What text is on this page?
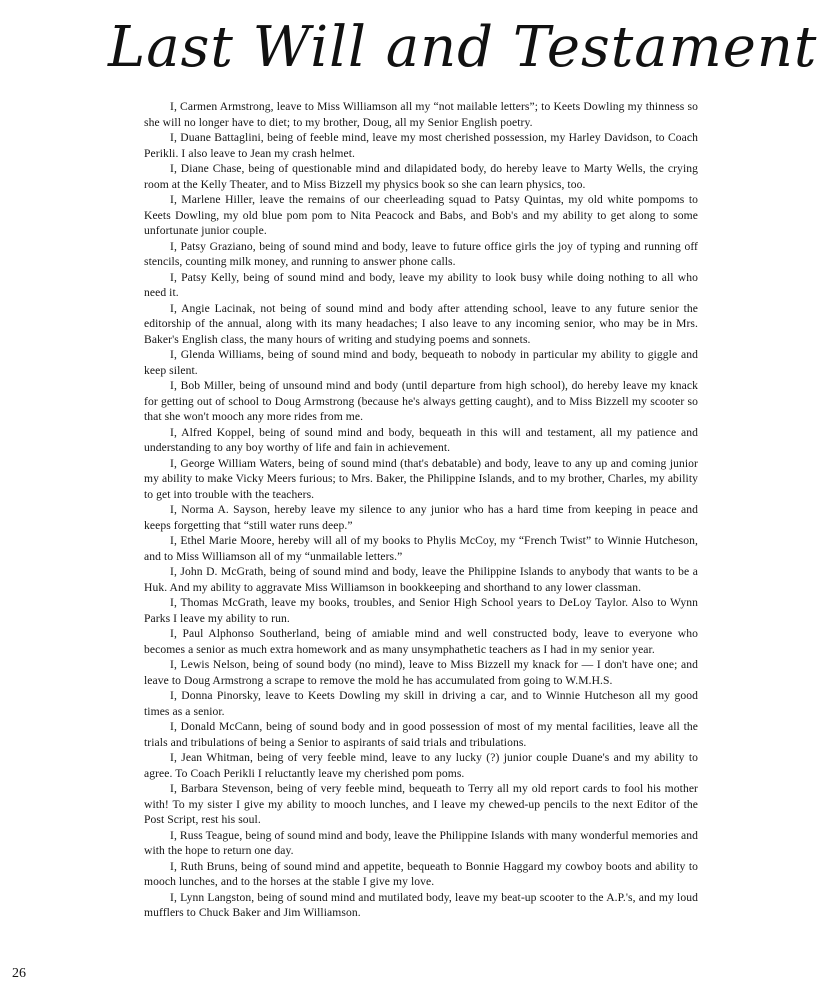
Last Will and Testament

I, Carmen Armstrong, leave to Miss Williamson all my “not mailable letters”; to Keets Dowling my thinness so she will no longer have to diet; to my brother, Doug, all my Senior English poetry.

I, Duane Battaglini, being of feeble mind, leave my most cherished possession, my Harley Davidson, to Coach Perikli. I also leave to Jean my crash helmet.

I, Diane Chase, being of questionable mind and dilapidated body, do hereby leave to Marty Wells, the crying room at the Kelly Theater, and to Miss Bizzell my physics book so she can learn physics, too.

I, Marlene Hiller, leave the remains of our cheerleading squad to Patsy Quintas, my old white pompoms to Keets Dowling, my old blue pom pom to Nita Peacock and Babs, and Bob's and my ability to get along to some unfortunate junior couple.

I, Patsy Graziano, being of sound mind and body, leave to future office girls the joy of typing and running off stencils, counting milk money, and running to answer phone calls.

I, Patsy Kelly, being of sound mind and body, leave my ability to look busy while doing nothing to all who need it.

I, Angie Lacinak, not being of sound mind and body after attending school, leave to any future senior the editorship of the annual, along with its many headaches; I also leave to any incoming senior, who may be in Mrs. Baker's English class, the many hours of writing and studying poems and sonnets.

I, Glenda Williams, being of sound mind and body, bequeath to nobody in particular my ability to giggle and keep silent.

I, Bob Miller, being of unsound mind and body (until departure from high school), do hereby leave my knack for getting out of school to Doug Armstrong (because he's always getting caught), and to Miss Bizzell my scooter so that she won't mooch any more rides from me.

I, Alfred Koppel, being of sound mind and body, bequeath in this will and testament, all my patience and understanding to any boy worthy of life and fain in achievement.

I, George William Waters, being of sound mind (that's debatable) and body, leave to any up and coming junior my ability to make Vicky Meers furious; to Mrs. Baker, the Philippine Islands, and to my brother, Charles, my ability to get into trouble with the teachers.

I, Norma A. Sayson, hereby leave my silence to any junior who has a hard time from keeping in peace and keeps forgetting that “still water runs deep.”

I, Ethel Marie Moore, hereby will all of my books to Phylis McCoy, my “French Twist” to Winnie Hutcheson, and to Miss Williamson all of my “unmailable letters.”

I, John D. McGrath, being of sound mind and body, leave the Philippine Islands to anybody that wants to be a Huk. And my ability to aggravate Miss Williamson in bookkeeping and shorthand to any lower classman.

I, Thomas McGrath, leave my books, troubles, and Senior High School years to DeLoy Taylor. Also to Wynn Parks I leave my ability to run.

I, Paul Alphonso Southerland, being of amiable mind and well constructed body, leave to everyone who becomes a senior as much extra homework and as many unsymphathetic teachers as I had in my senior year.

I, Lewis Nelson, being of sound body (no mind), leave to Miss Bizzell my knack for — I don't have one; and leave to Doug Armstrong a scrape to remove the mold he has accumulated from going to W.M.H.S.

I, Donna Pinorsky, leave to Keets Dowling my skill in driving a car, and to Winnie Hutcheson all my good times as a senior.

I, Donald McCann, being of sound body and in good possession of most of my mental facilities, leave all the trials and tribulations of being a Senior to aspirants of said trials and tribulations.

I, Jean Whitman, being of very feeble mind, leave to any lucky (?) junior couple Duane's and my ability to agree. To Coach Perikli I reluctantly leave my cherished pom poms.

I, Barbara Stevenson, being of very feeble mind, bequeath to Terry all my old report cards to fool his mother with! To my sister I give my ability to mooch lunches, and I leave my chewed-up pencils to the next Editor of the Post Script, rest his soul.

I, Russ Teague, being of sound mind and body, leave the Philippine Islands with many wonderful memories and with the hope to return one day.

I, Ruth Bruns, being of sound mind and appetite, bequeath to Bonnie Haggard my cowboy boots and ability to mooch lunches, and to the horses at the stable I give my love.

I, Lynn Langston, being of sound mind and mutilated body, leave my beat-up scooter to the A.P.'s, and my loud mufflers to Chuck Baker and Jim Williamson.

26
